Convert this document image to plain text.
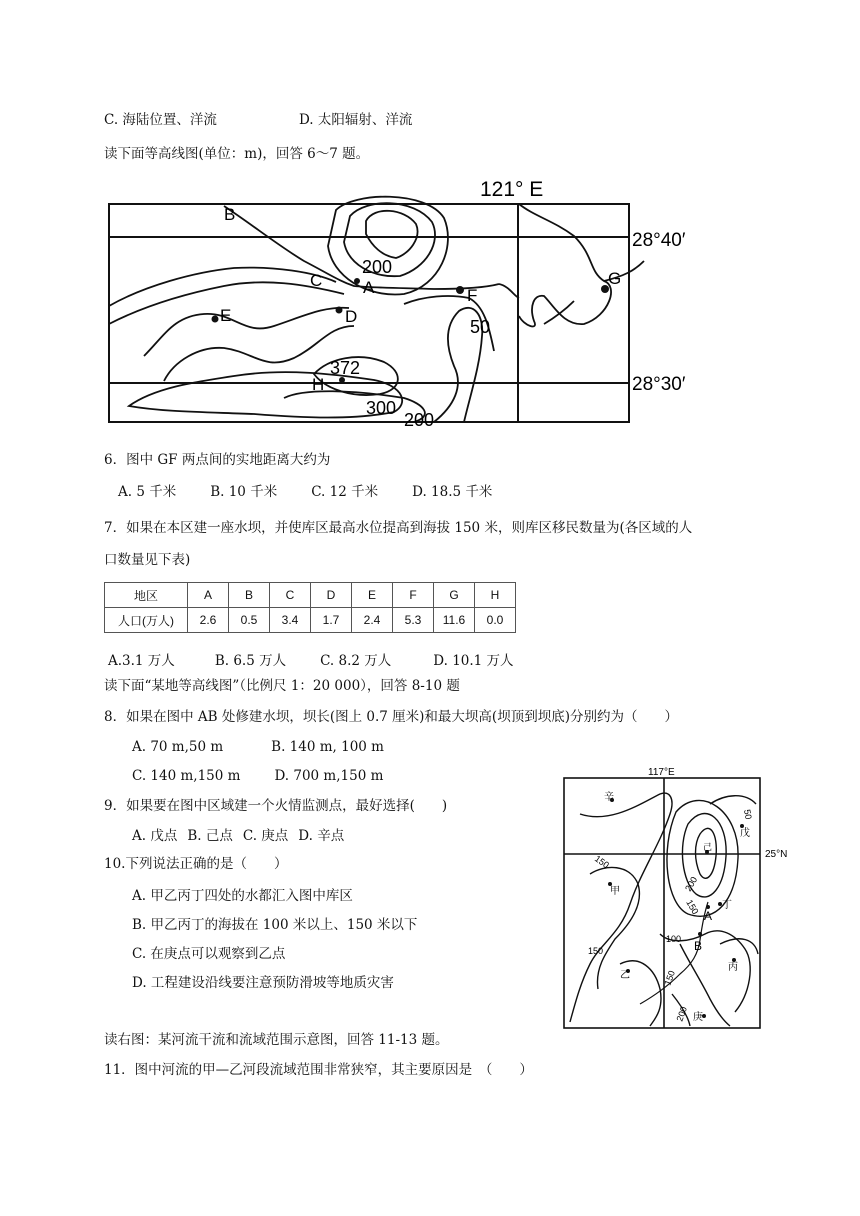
C. 海陆位置、洋流	D. 太阳辐射、洋流
读下面等高线图(单位：m)，回答 6～7 题。
121° E
28°40′
28°30′
B
C A
D
E
F
G
H
200
50
372
300
200
6．图中 GF 两点间的实地距离大约为
A. 5 千米	B. 10 千米	C. 12 千米	D. 18.5 千米
7．如果在本区建一座水坝，并使库区最高水位提高到海拔 150 米，则库区移民数量为(各区域的人
口数量见下表)
地区	A	B	C	D	E	F	G	H
人口(万人)	2.6	0.5	3.4	1.7	2.4	5.3	11.6	0.0
A.3.1 万人	B. 6.5 万人	C. 8.2 万人	D. 10.1 万人
读下面“某地等高线图”（比例尺 1：20 000），回答 8-10 题
8．如果在图中 AB 处修建水坝，坝长(图上 0.7 厘米)和最大坝高(坝顶到坝底)分别约为（　　）
A. 70 m,50 m	B. 140 m, 100 m
C. 140 m,150 m	D. 700 m,150 m
9．如果要在图中区域建一个火情监测点，最好选择(　　)
A. 戊点 B. 己点 C. 庚点 D. 辛点
10.下列说法正确的是（　　）
A. 甲乙丙丁四处的水都汇入图中库区
B. 甲乙丙丁的海拔在 100 米以上、150 米以下
C. 在庚点可以观察到乙点
D. 工程建设沿线要注意预防滑坡等地质灾害
117°E
25°N
辛
戊
己
甲
丁
乙
丙
庚
A
B
150
150
150
150
200
200
100
50
读右图：某河流干流和流域范围示意图，回答 11-13 题。
11．图中河流的甲—乙河段流域范围非常狭窄，其主要原因是　（　　）
